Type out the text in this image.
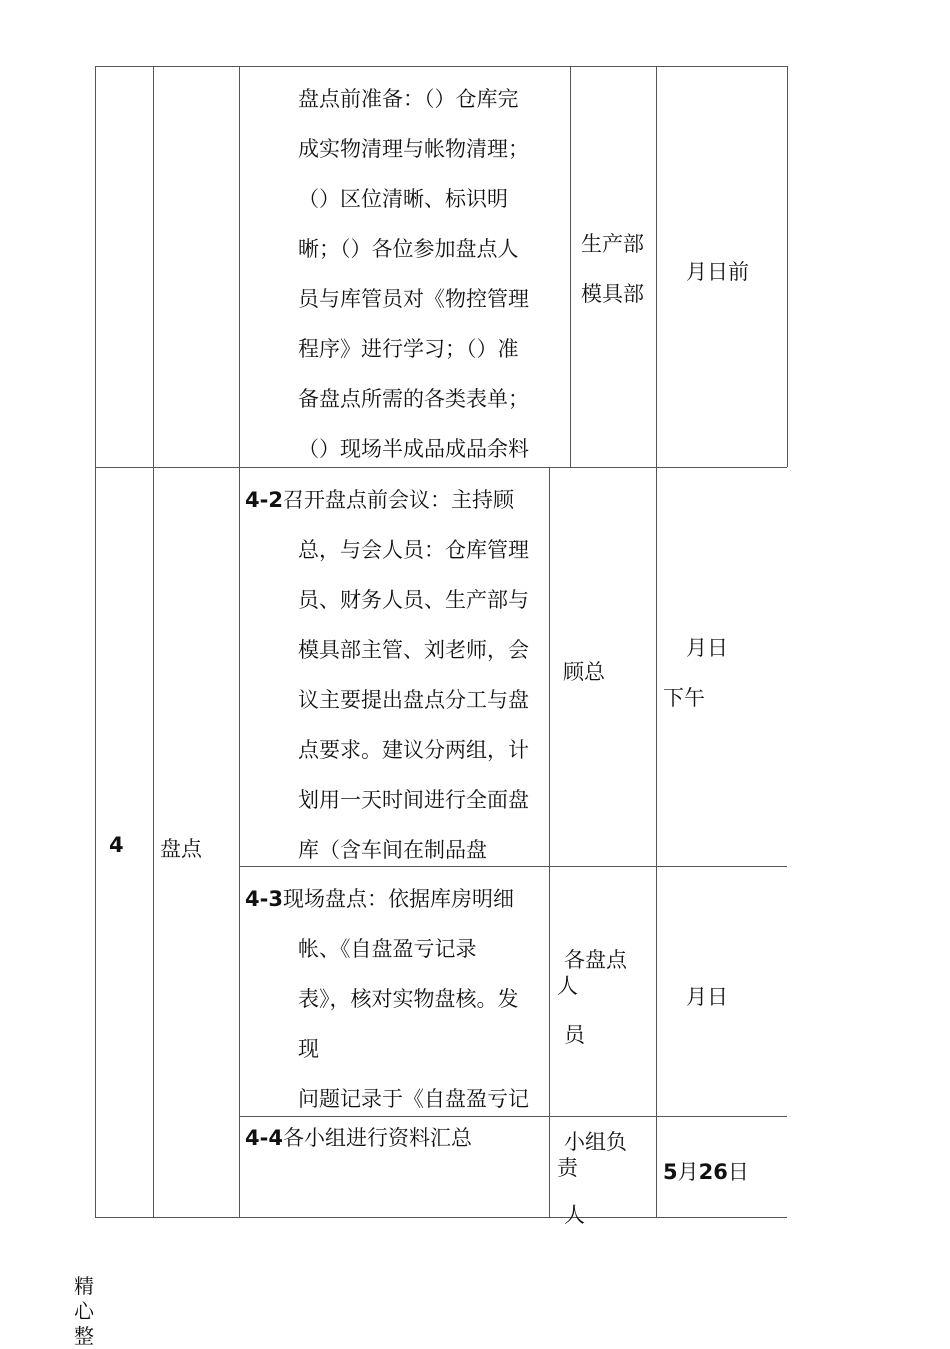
盘点前准备：（）仓库完
成实物清理与帐物清理；
（）区位清晰、标识明
晰；（）各位参加盘点人
员与库管员对《物控管理
程序》进行学习；（）准
备盘点所需的各类表单；
（）现场半成品成品余料
生产部
模具部
月日前
4 盘点
4-2召开盘点前会议：主持顾
总，与会人员：仓库管理
员、财务人员、生产部与
模具部主管、刘老师，会
议主要提出盘点分工与盘
点要求。建议分两组，计
划用一天时间进行全面盘
库（含车间在制品盘
顾总
月日
下午
4-3现场盘点：依据库房明细
帐、《自盘盈亏记录
表》，核对实物盘核。发
现
问题记录于《自盘盈亏记
各盘点
人
员
月日
4-4各小组进行资料汇总	小组负
责
人
5月26日
精
心
整
